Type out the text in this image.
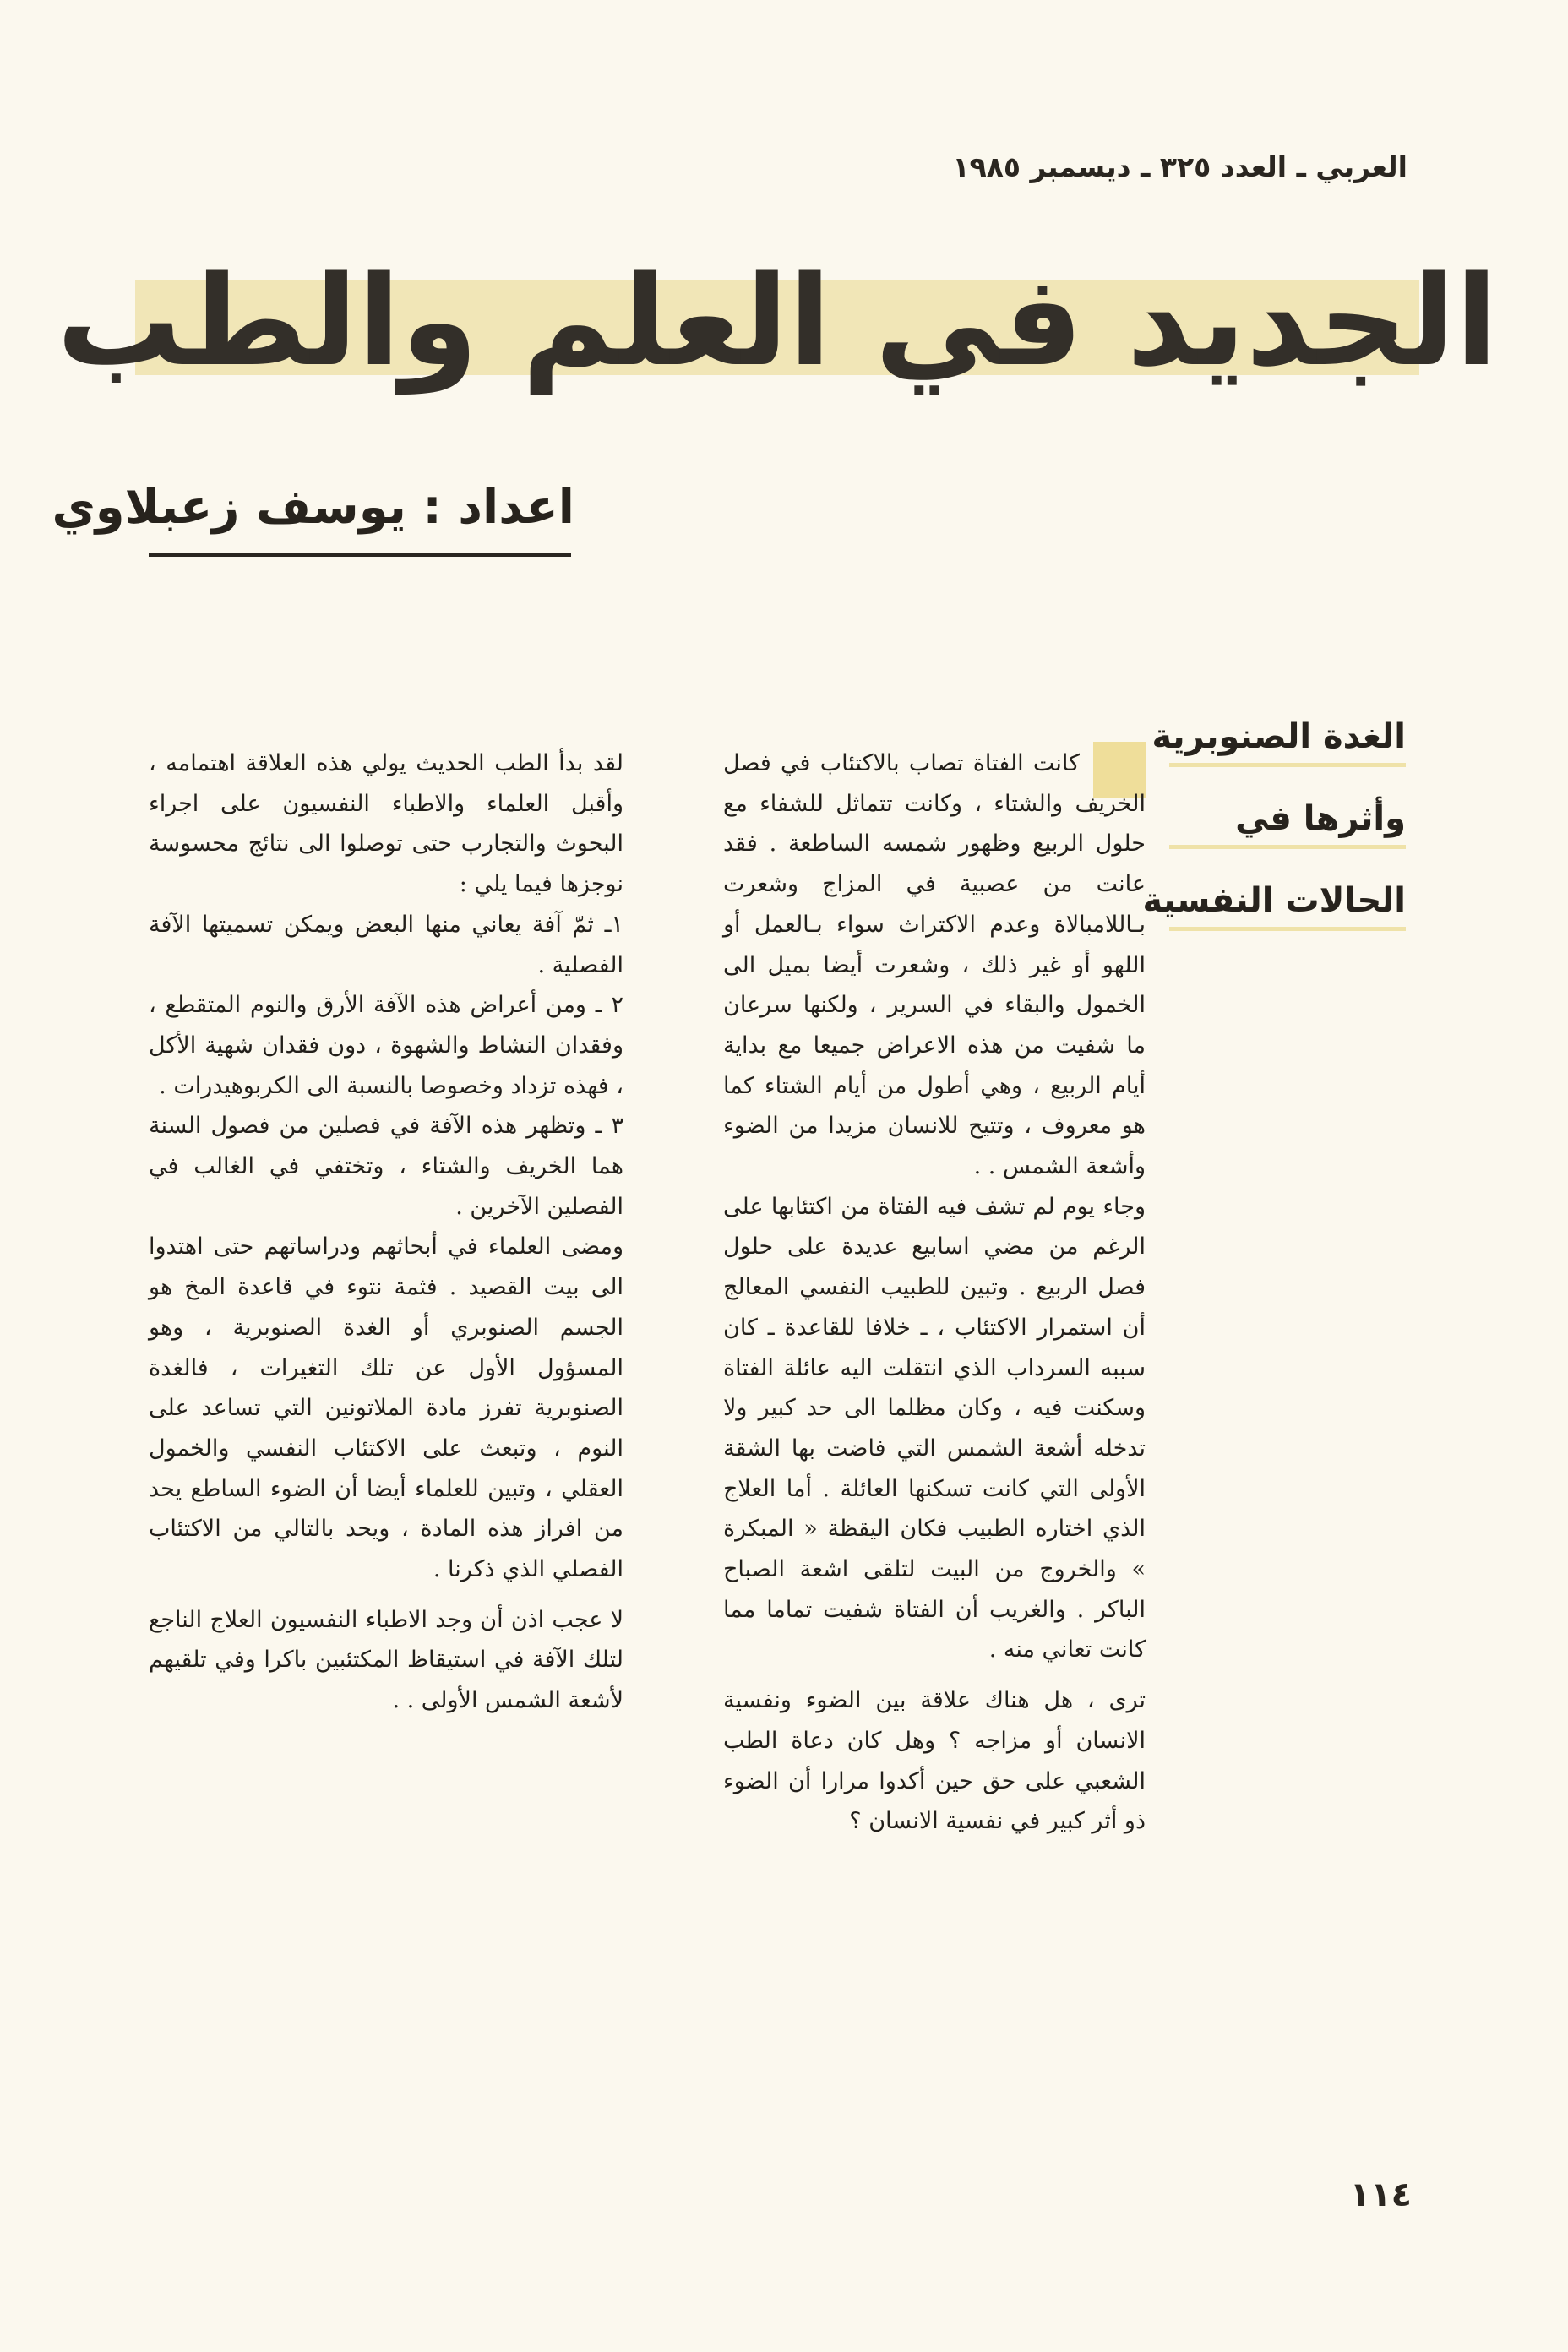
العربي ـ العدد ٣٢٥ ـ ديسمبر ١٩٨٥
الجديد في العلم والطب
اعداد : يوسف زعبلاوي
الغدة الصنوبرية
وأثرها في
الحالات النفسية

كانت الفتاة تصاب بالاكتئاب في فصل الخريف والشتاء ، وكانت تتماثل للشفاء مع حلول الربيع وظهور شمسه الساطعة . فقد عانت من عصبية في المزاج وشعرت بـاللامبالاة وعدم الاكتراث سواء بـالعمل أو اللهو أو غير ذلك ، وشعرت أيضا بميل الى الخمول والبقاء في السرير ، ولكنها سرعان ما شفيت من هذه الاعراض جميعا مع بداية أيام الربيع ، وهي أطول من أيام الشتاء كما هو معروف ، وتتيح للانسان مزيدا من الضوء وأشعة الشمس . .

وجاء يوم لم تشف فيه الفتاة من اكتئابها على الرغم من مضي اسابيع عديدة على حلول فصل الربيع . وتبين للطبيب النفسي المعالج أن استمرار الاكتئاب ، ـ خلافا للقاعدة ـ كان سببه السرداب الذي انتقلت اليه عائلة الفتاة وسكنت فيه ، وكان مظلما الى حد كبير ولا تدخله أشعة الشمس التي فاضت بها الشقة الأولى التي كانت تسكنها العائلة . أما العلاج الذي اختاره الطبيب فكان اليقظة « المبكرة » والخروج من البيت لتلقى اشعة الصباح الباكر . والغريب أن الفتاة شفيت تماما مما كانت تعاني منه .

ترى ، هل هناك علاقة بين الضوء ونفسية الانسان أو مزاجه ؟ وهل كان دعاة الطب الشعبي على حق حين أكدوا مرارا أن الضوء ذو أثر كبير في نفسية الانسان ؟

لقد بدأ الطب الحديث يولي هذه العلاقة اهتمامه ، وأقبل العلماء والاطباء النفسيون على اجراء البحوث والتجارب حتى توصلوا الى نتائج محسوسة نوجزها فيما يلي :

١ـ ثمّ آفة يعاني منها البعض ويمكن تسميتها الآفة الفصلية .

٢ ـ ومن أعراض هذه الآفة الأرق والنوم المتقطع ، وفقدان النشاط والشهوة ، دون فقدان شهية الأكل ، فهذه تزداد وخصوصا بالنسبة الى الكربوهيدرات .

٣ ـ وتظهر هذه الآفة في فصلين من فصول السنة هما الخريف والشتاء ، وتختفي في الغالب في الفصلين الآخرين .

ومضى العلماء في أبحاثهم ودراساتهم حتى اهتدوا الى بيت القصيد . فثمة نتوء في قاعدة المخ هو الجسم الصنوبري أو الغدة الصنوبرية ، وهو المسؤول الأول عن تلك التغيرات ، فالغدة الصنوبرية تفرز مادة الملاتونين التي تساعد على النوم ، وتبعث على الاكتئاب النفسي والخمول العقلي ، وتبين للعلماء أيضا أن الضوء الساطع يحد من افراز هذه المادة ، ويحد بالتالي من الاكتئاب الفصلي الذي ذكرنا .

لا عجب اذن أن وجد الاطباء النفسيون العلاج الناجع لتلك الآفة في استيقاظ المكتئبين باكرا وفي تلقيهم لأشعة الشمس الأولى . .

١١٤
